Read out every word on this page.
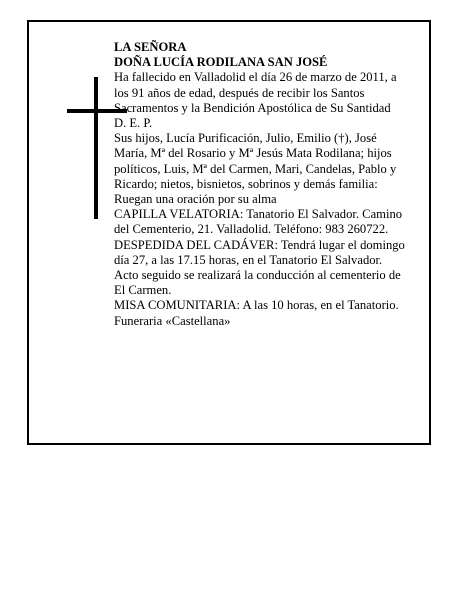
LA SEÑORA

DOÑA LUCÍA RODILANA SAN JOSÉ

Ha fallecido en Valladolid el día 26 de marzo de 2011, a los 91 años de edad, después de recibir los Santos Sacramentos y la Bendición Apostólica de Su Santidad D. E. P.

Sus hijos, Lucía Purificación, Julio, Emilio (†), José María, Mª del Rosario y Mª Jesús Mata Rodilana; hijos políticos, Luis, Mª del Carmen, Mari, Candelas, Pablo y Ricardo; nietos, bisnietos, sobrinos y demás familia:

Ruegan una oración por su alma

CAPILLA VELATORIA: Tanatorio El Salvador. Camino del Cementerio, 21. Valladolid. Teléfono: 983 260722.

DESPEDIDA DEL CADÁVER: Tendrá lugar el domingo día 27, a las 17.15 horas, en el Tanatorio El Salvador. Acto seguido se realizará la conducción al cementerio de El Carmen.

MISA COMUNITARIA: A las 10 horas, en el Tanatorio.

Funeraria «Castellana»
